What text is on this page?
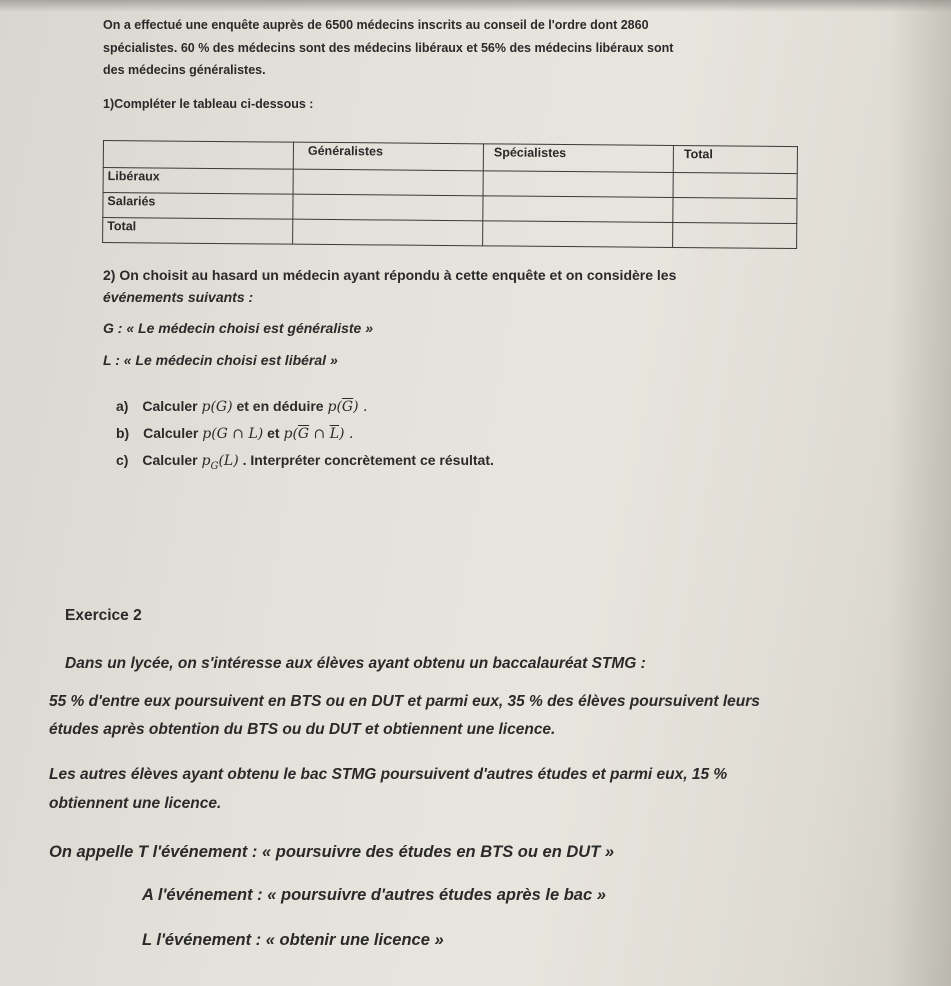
On a effectué une enquête auprès de 6500 médecins inscrits au conseil de l'ordre dont 2860
spécialistes. 60 % des médecins sont des médecins libéraux et 56% des médecins libéraux sont
des médecins généralistes.
1)Compléter le tableau ci-dessous :
	Généralistes	Spécialistes	Total
Libéraux			
Salariés			
Total			
2) On choisit au hasard un médecin ayant répondu à cette enquête et on considère les
événements suivants :
G : « Le médecin choisi est généraliste »
L : « Le médecin choisi est libéral »
a) Calculer p(G) et en déduire $p(\overline{G})$ .
b) Calculer p(G ∩ L) et $p(\overline{G}$ ∩ $\overline{L}$) .
c) Calculer $p_G(L)$ . Interpréter concrètement ce résultat.
Exercice 2
Dans un lycée, on s'intéresse aux élèves ayant obtenu un baccalauréat STMG :
55 % d'entre eux poursuivent en BTS ou en DUT et parmi eux, 35 % des élèves poursuivent leurs
études après obtention du BTS ou du DUT et obtiennent une licence.
Les autres élèves ayant obtenu le bac STMG poursuivent d'autres études et parmi eux, 15 %
obtiennent une licence.
On appelle T l'événement : « poursuivre des études en BTS ou en DUT »
A l'événement : « poursuivre d'autres études après le bac »
L l'événement : « obtenir une licence »
